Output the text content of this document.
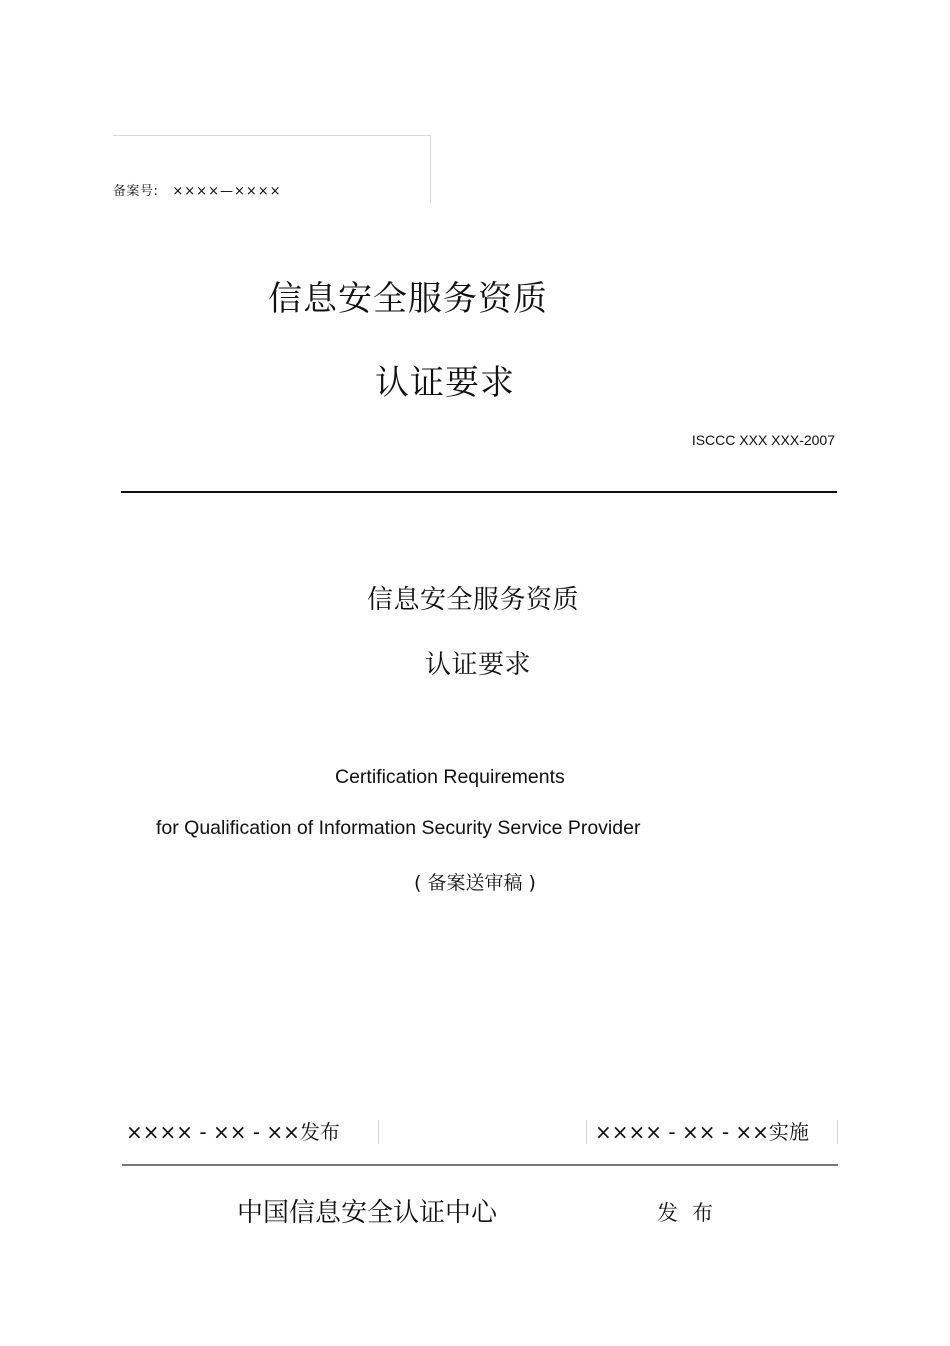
备案号: ××××—××××
信息安全服务资质
认证要求
ISCCC XXX XXX-2007
信息安全服务资质
认证要求
Certification Requirements
for Qualification of Information Security Service Provider
( 备案送审稿 )
×××× - ×× - ××发布	×××× - ×× - ××实施
中国信息安全认证中心	发布
